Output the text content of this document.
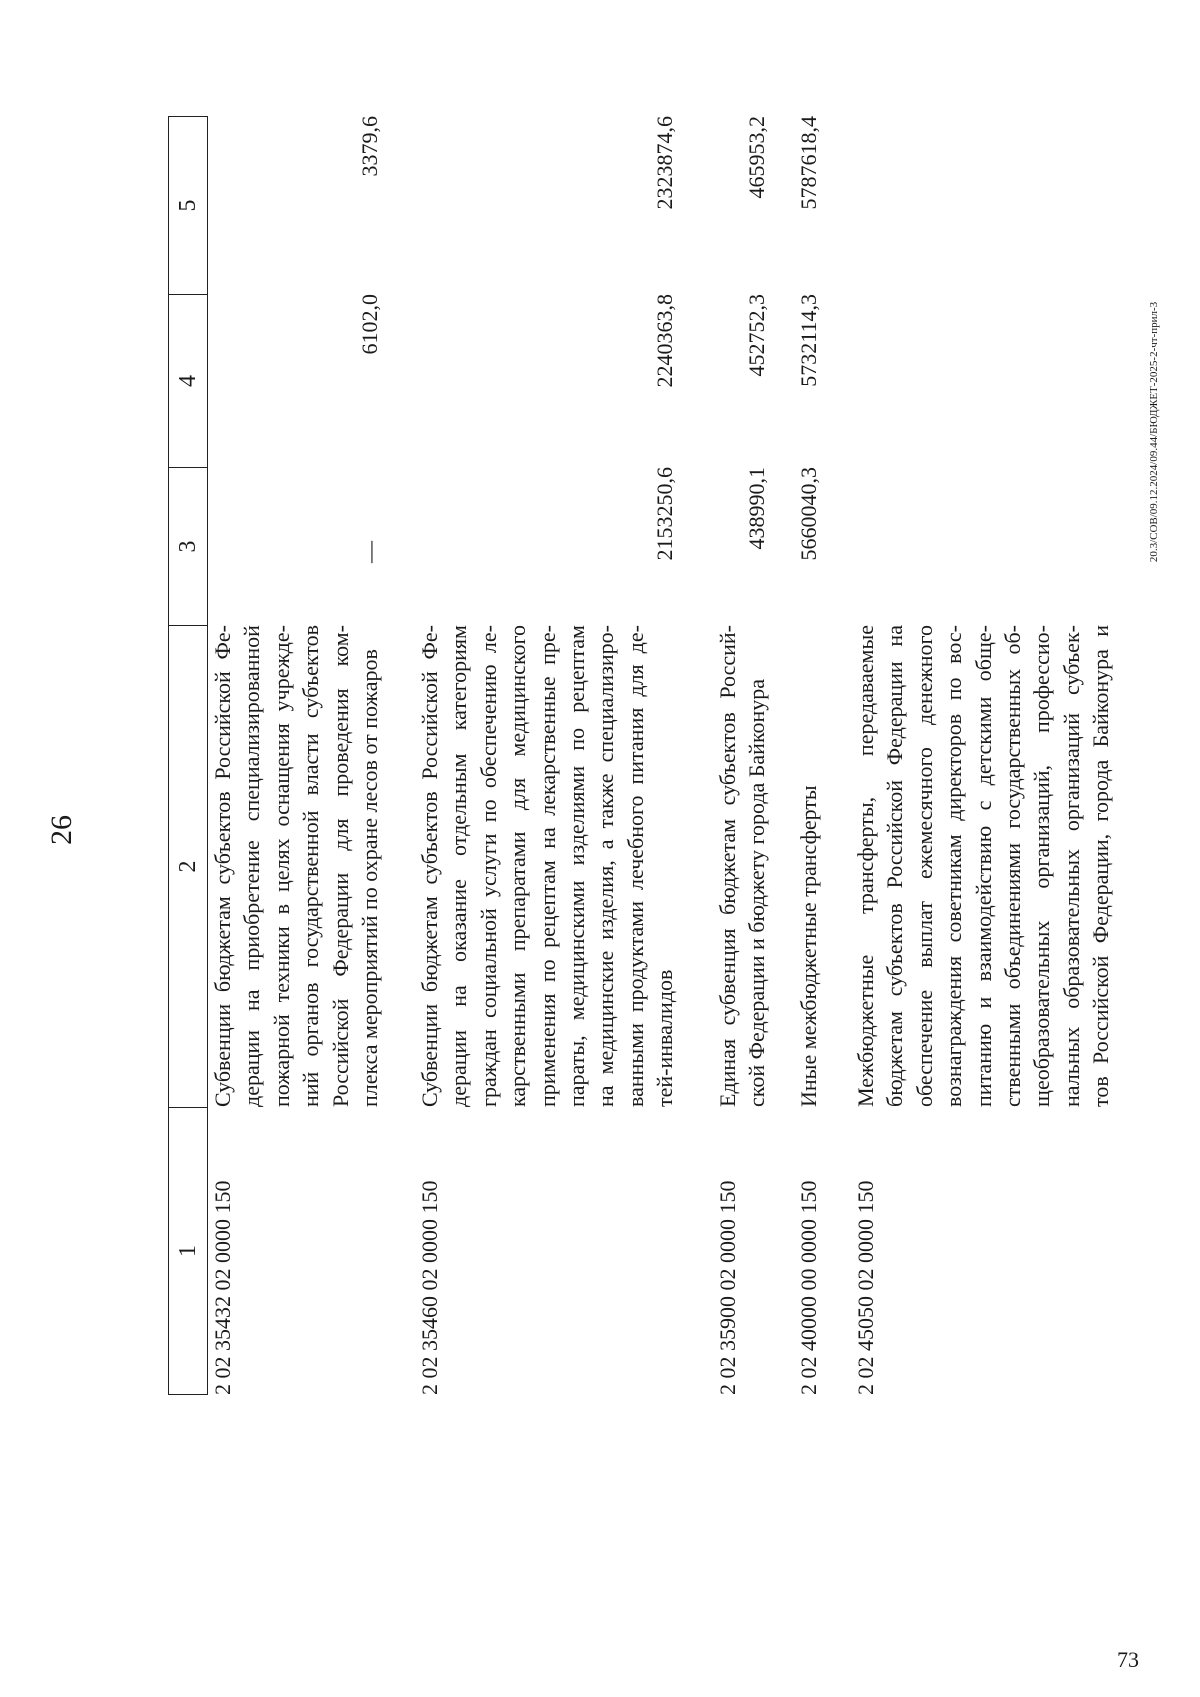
26
73
20.3/СОВ/09.12.2024/09.44/БЮДЖЕТ-2025-2-чт-прил-3
1
2
3
4
5
2 02 35432 02 0000 150
Субвенции
бюджетам
субъектов
Российской
Фе-
дерации
на
приобретение
специализированной
пожарной
техники
в
целях
оснащения
учрежде-
ний
органов
государственной
власти
субъектов
Российской
Федерации
для
проведения
ком-
плекса мероприятий по охране лесов от пожаров
—
6102,0
3379,6
2 02 35460 02 0000 150
Субвенции
бюджетам
субъектов
Российской
Фе-
дерации
на
оказание
отдельным
категориям
граждан
социальной
услуги
по
обеспечению
ле-
карственными
препаратами
для
медицинского
применения
по
рецептам
на
лекарственные
пре-
параты,
медицинскими
изделиями
по
рецептам
на
медицинские
изделия,
а
также
специализиро-
ванными
продуктами
лечебного
питания
для
де-
тей-инвалидов
2153250,6
2240363,8
2323874,6
2 02 35900 02 0000 150
Единая
субвенция
бюджетам
субъектов
Россий-
ской Федерации и бюджету города Байконура
438990,1
452752,3
465953,2
2 02 40000 00 0000 150
Иные межбюджетные трансферты
5660040,3
5732114,3
5787618,4
2 02 45050 02 0000 150
Межбюджетные
трансферты,
передаваемые
бюджетам
субъектов
Российской
Федерации
на
обеспечение
выплат
ежемесячного
денежного
вознаграждения
советникам
директоров
по
вос-
питанию
и
взаимодействию
с
детскими
обще-
ственными
объединениями
государственных
об-
щеобразовательных
организаций,
профессио-
нальных
образовательных
организаций
субъек-
тов
Российской
Федерации,
города
Байконура
и
